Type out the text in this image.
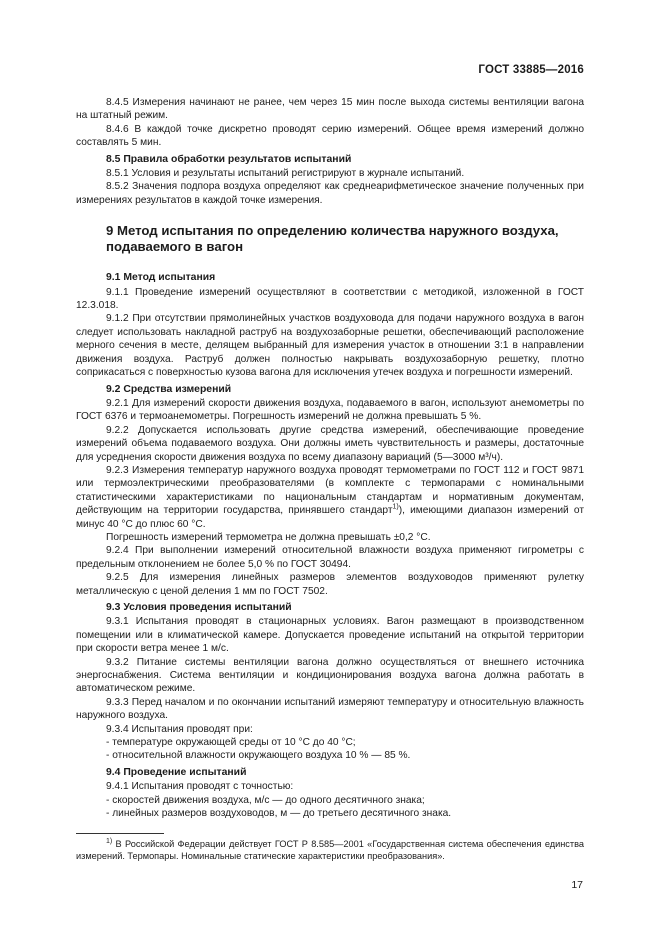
ГОСТ 33885—2016
8.4.5 Измерения начинают не ранее, чем через 15 мин после выхода системы вентиляции вагона на штатный режим.
8.4.6 В каждой точке дискретно проводят серию измерений. Общее время измерений должно составлять 5 мин.
8.5 Правила обработки результатов испытаний
8.5.1 Условия и результаты испытаний регистрируют в журнале испытаний.
8.5.2 Значения подпора воздуха определяют как среднеарифметическое значение полученных при измерениях результатов в каждой точке измерения.
9 Метод испытания по определению количества наружного воздуха, подаваемого в вагон
9.1 Метод испытания
9.1.1 Проведение измерений осуществляют в соответствии с методикой, изложенной в ГОСТ 12.3.018.
9.1.2 При отсутствии прямолинейных участков воздуховода для подачи наружного воздуха в вагон следует использовать накладной раструб на воздухозаборные решетки, обеспечивающий расположение мерного сечения в месте, делящем выбранный для измерения участок в отношении 3:1 в направлении движения воздуха. Раструб должен полностью накрывать воздухозаборную решетку, плотно соприкасаться с поверхностью кузова вагона для исключения утечек воздуха и погрешности измерений.
9.2 Средства измерений
9.2.1 Для измерений скорости движения воздуха, подаваемого в вагон, используют анемометры по ГОСТ 6376 и термоанемометры. Погрешность измерений не должна превышать 5 %.
9.2.2 Допускается использовать другие средства измерений, обеспечивающие проведение измерений объема подаваемого воздуха. Они должны иметь чувствительность и размеры, достаточные для усреднения скорости движения воздуха по всему диапазону вариаций (5—3000 м³/ч).
9.2.3 Измерения температур наружного воздуха проводят термометрами по ГОСТ 112 и ГОСТ 9871 или термоэлектрическими преобразователями (в комплекте с термопарами с номинальными статистическими характеристиками по национальным стандартам и нормативным документам, действующим на территории государства, принявшего стандарт$^{1)}$), имеющими диапазон измерений от минус 40 °С до плюс 60 °С.
Погрешность измерений термометра не должна превышать ±0,2 °С.
9.2.4 При выполнении измерений относительной влажности воздуха применяют гигрометры с предельным отклонением не более 5,0 % по ГОСТ 30494.
9.2.5 Для измерения линейных размеров элементов воздуховодов применяют рулетку металлическую с ценой деления 1 мм по ГОСТ 7502.
9.3 Условия проведения испытаний
9.3.1 Испытания проводят в стационарных условиях. Вагон размещают в производственном помещении или в климатической камере. Допускается проведение испытаний на открытой территории при скорости ветра менее 1 м/с.
9.3.2 Питание системы вентиляции вагона должно осуществляться от внешнего источника энергоснабжения. Система вентиляции и кондиционирования воздуха вагона должна работать в автоматическом режиме.
9.3.3 Перед началом и по окончании испытаний измеряют температуру и относительную влажность наружного воздуха.
9.3.4 Испытания проводят при:
- температуре окружающей среды от 10 °С до 40 °С;
- относительной влажности окружающего воздуха 10 % — 85 %.
9.4 Проведение испытаний
9.4.1 Испытания проводят с точностью:
- скоростей движения воздуха, м/с — до одного десятичного знака;
- линейных размеров воздуховодов, м — до третьего десятичного знака.
$^{1)}$ В Российской Федерации действует ГОСТ Р 8.585—2001 «Государственная система обеспечения единства измерений. Термопары. Номинальные статические характеристики преобразования».
17
